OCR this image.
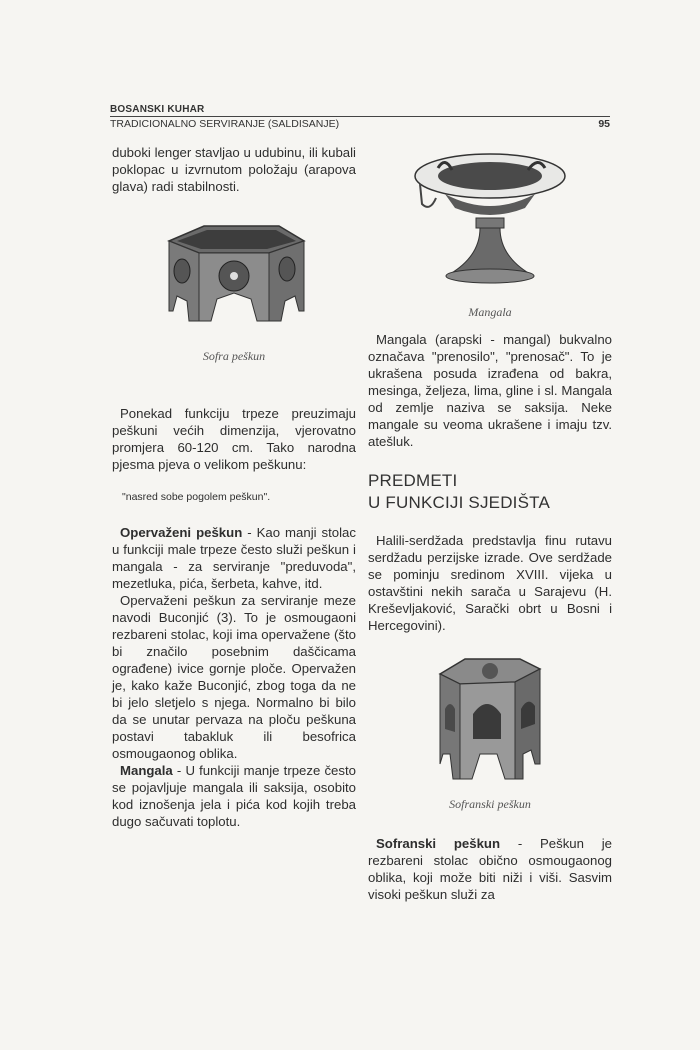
BOSANSKI KUHAR
TRADICIONALNO SERVIRANJE (SALDISANJE)	95

duboki lenger stavljao u udubinu, ili kubali poklopac u izvrnutom položaju (arapova glava) radi stabilnosti.

Sofra peškun

Ponekad funkciju trpeze preuzimaju peškuni većih dimenzija, vjerovatno promjera 60-120 cm. Tako narodna pjesma pjeva o velikom peškunu:

"nasred sobe pogolem peškun".

Opervaženi peškun - Kao manji stolac u funkciji male trpeze često služi peškun i mangala - za serviranje "preduvoda", mezetluka, pića, šerbeta, kahve, itd.

Opervaženi peškun za serviranje meze navodi Buconjić (3). To je osmougaoni rezbareni stolac, koji ima opervažene (što bi značilo posebnim daščicama ograđene) ivice gornje ploče. Opervažen je, kako kaže Buconjić, zbog toga da ne bi jelo sletjelo s njega. Normalno bi bilo da se unutar pervaza na ploču peškuna postavi tabakluk ili besofrica osmougaonog oblika.

Mangala - U funkciji manje trpeze često se pojavljuje mangala ili saksija, osobito kod iznošenja jela i pića kod kojih treba dugo sačuvati toplotu.

Mangala

Mangala (arapski - mangal) bukvalno označava "prenosilo", "prenosač". To je ukrašena posuda izrađena od bakra, mesinga, željeza, lima, gline i sl. Mangala od zemlje naziva se saksija. Neke mangale su veoma ukrašene i imaju tzv. atešluk.

PREDMETI
U FUNKCIJI SJEDIŠTA

Halili-serdžada predstavlja finu rutavu serdžadu perzijske izrade. Ove serdžade se pominju sredinom XVIII. vijeka u ostavštini nekih sarača u Sarajevu (H. Kreševljaković, Sarački obrt u Bosni i Hercegovini).

Sofranski peškun

Sofranski peškun - Peškun je rezbareni stolac obično osmougaonog oblika, koji može biti niži i viši. Sasvim visoki peškun služi za
